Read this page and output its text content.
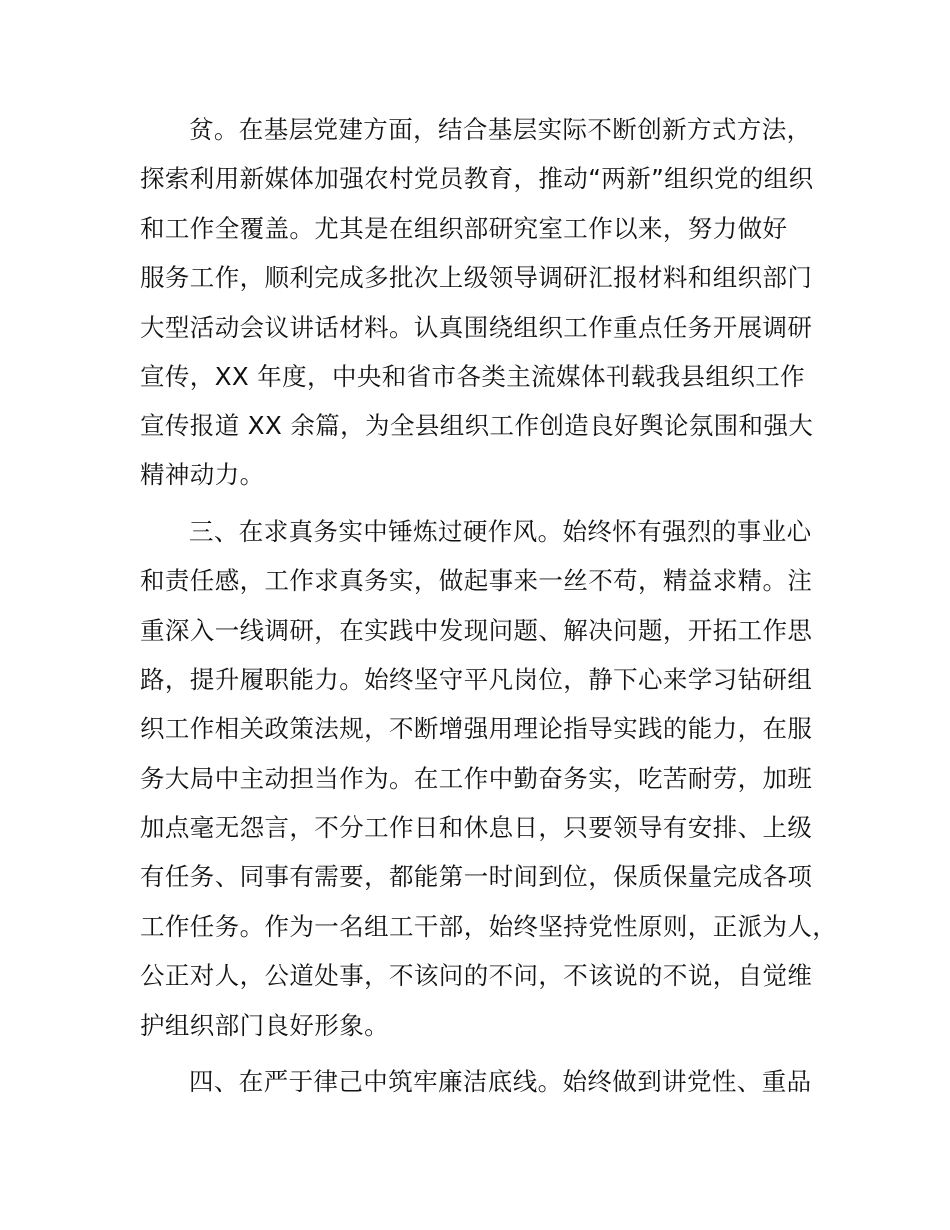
贫。在基层党建方面，结合基层实际不断创新方式方法，
探索利用新媒体加强农村党员教育，推动“两新”组织党的组织
和工作全覆盖。尤其是在组织部研究室工作以来，努力做好
服务工作，顺利完成多批次上级领导调研汇报材料和组织部门
大型活动会议讲话材料。认真围绕组织工作重点任务开展调研
宣传，XX 年度，中央和省市各类主流媒体刊载我县组织工作
宣传报道 XX 余篇，为全县组织工作创造良好舆论氛围和强大
精神动力。
三、在求真务实中锤炼过硬作风。始终怀有强烈的事业心
和责任感，工作求真务实，做起事来一丝不苟，精益求精。注
重深入一线调研，在实践中发现问题、解决问题，开拓工作思
路，提升履职能力。始终坚守平凡岗位，静下心来学习钻研组
织工作相关政策法规，不断增强用理论指导实践的能力，在服
务大局中主动担当作为。在工作中勤奋务实，吃苦耐劳，加班
加点毫无怨言，不分工作日和休息日，只要领导有安排、上级
有任务、同事有需要，都能第一时间到位，保质保量完成各项
工作任务。作为一名组工干部，始终坚持党性原则，正派为人，
公正对人，公道处事，不该问的不问，不该说的不说，自觉维
护组织部门良好形象。
四、在严于律己中筑牢廉洁底线。始终做到讲党性、重品
